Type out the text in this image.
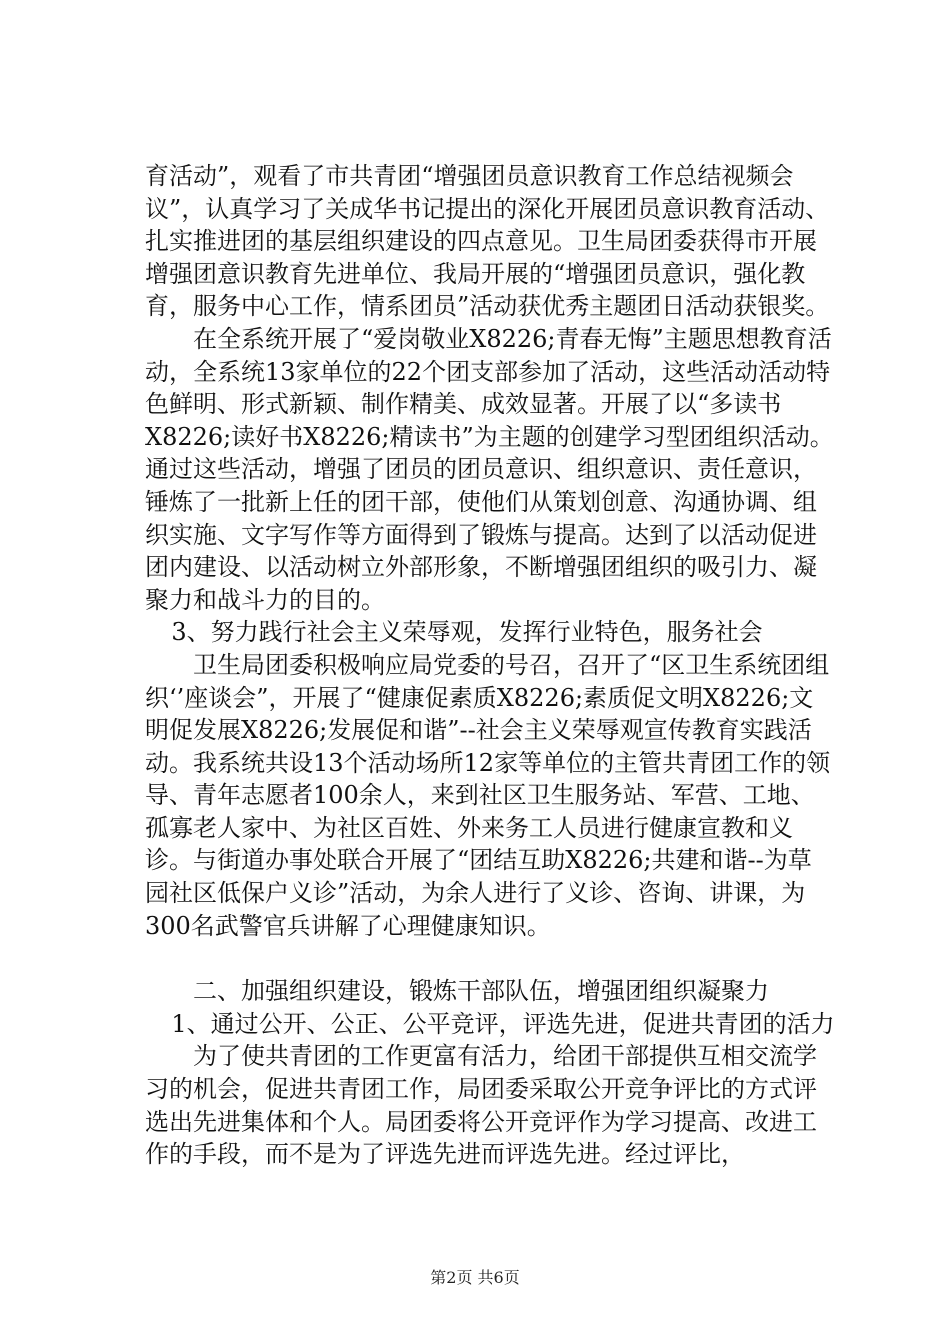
育活动”，观看了市共青团“增强团员意识教育工作总结视频会议”，认真学习了关成华书记提出的深化开展团员意识教育活动、扎实推进团的基层组织建设的四点意见。卫生局团委获得市开展增强团意识教育先进单位、我局开展的“增强团员意识，强化教育，服务中心工作，情系团员”活动获优秀主题团日活动获银奖。

在全系统开展了“爱岗敬业X8226;青春无悔”主题思想教育活动，全系统13家单位的22个团支部参加了活动，这些活动活动特色鲜明、形式新颖、制作精美、成效显著。开展了以“多读书X8226;读好书X8226;精读书”为主题的创建学习型团组织活动。通过这些活动，增强了团员的团员意识、组织意识、责任意识，锤炼了一批新上任的团干部，使他们从策划创意、沟通协调、组织实施、文字写作等方面得到了锻炼与提高。达到了以活动促进团内建设、以活动树立外部形象，不断增强团组织的吸引力、凝聚力和战斗力的目的。

3、努力践行社会主义荣辱观，发挥行业特色，服务社会

卫生局团委积极响应局党委的号召，召开了“区卫生系统团组织‘’座谈会”，开展了“健康促素质X8226;素质促文明X8226;文明促发展X8226;发展促和谐”--社会主义荣辱观宣传教育实践活动。我系统共设13个活动场所12家等单位的主管共青团工作的领导、青年志愿者100余人，来到社区卫生服务站、军营、工地、孤寡老人家中、为社区百姓、外来务工人员进行健康宣教和义诊。与街道办事处联合开展了“团结互助X8226;共建和谐--为草园社区低保户义诊”活动，为余人进行了义诊、咨询、讲课，为300名武警官兵讲解了心理健康知识。

二、加强组织建设，锻炼干部队伍，增强团组织凝聚力

1、通过公开、公正、公平竞评，评选先进，促进共青团的活力

为了使共青团的工作更富有活力，给团干部提供互相交流学习的机会，促进共青团工作，局团委采取公开竞争评比的方式评选出先进集体和个人。局团委将公开竞评作为学习提高、改进工作的手段，而不是为了评选先进而评选先进。经过评比，

第2页 共6页
